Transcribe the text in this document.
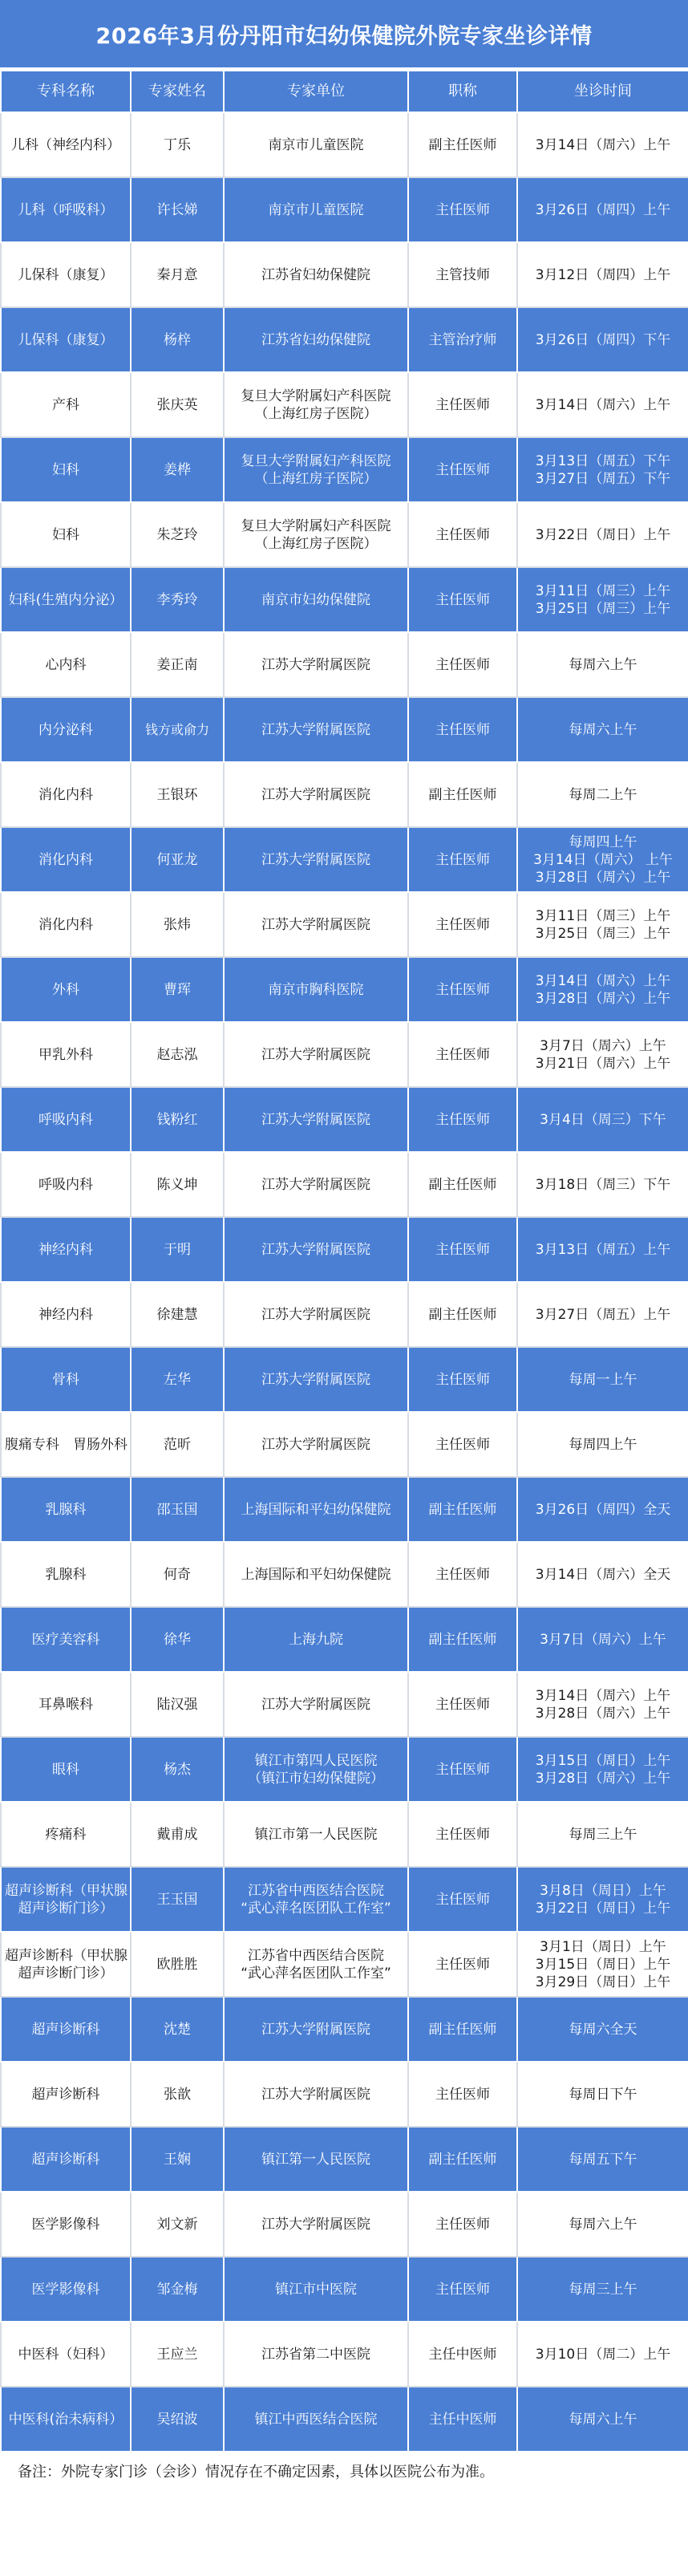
2026年3月份丹阳市妇幼保健院外院专家坐诊详情
专科名称	专家姓名	专家单位	职称	坐诊时间

儿科（神经内科）	丁乐	南京市儿童医院	副主任医师	3月14日（周六）上午

儿科（呼吸科）	许长娣	南京市儿童医院	主任医师	3月26日（周四）上午

儿保科（康复）	秦月意	江苏省妇幼保健院	主管技师	3月12日（周四）上午

儿保科（康复）	杨梓	江苏省妇幼保健院	主管治疗师	3月26日（周四）下午

产科	张庆英	复旦大学附属妇产科医院
（上海红房子医院）	主任医师	3月14日（周六）上午

妇科	姜桦	复旦大学附属妇产科医院
（上海红房子医院）	主任医师	3月13日（周五）下午
3月27日（周五）下午

妇科	朱芝玲	复旦大学附属妇产科医院
（上海红房子医院）	主任医师	3月22日（周日）上午

妇科(生殖内分泌）	李秀玲	南京市妇幼保健院	主任医师	3月11日（周三）上午
3月25日（周三）上午

心内科	姜正南	江苏大学附属医院	主任医师	每周六上午

内分泌科	钱方或俞力	江苏大学附属医院	主任医师	每周六上午

消化内科	王银环	江苏大学附属医院	副主任医师	每周二上午

消化内科	何亚龙	江苏大学附属医院	主任医师	每周四上午
3月14日（周六） 上午
3月28日（周六）上午

消化内科	张炜	江苏大学附属医院	主任医师	3月11日（周三）上午
3月25日（周三）上午

外科	曹珲	南京市胸科医院	主任医师	3月14日（周六）上午
3月28日（周六）上午

甲乳外科	赵志泓	江苏大学附属医院	主任医师	3月7日（周六）上午
3月21日（周六）上午

呼吸内科	钱粉红	江苏大学附属医院	主任医师	3月4日（周三）下午

呼吸内科	陈义坤	江苏大学附属医院	副主任医师	3月18日（周三）下午

神经内科	于明	江苏大学附属医院	主任医师	3月13日（周五）上午

神经内科	徐建慧	江苏大学附属医院	副主任医师	3月27日（周五）上午

骨科	左华	江苏大学附属医院	主任医师	每周一上午

腹痛专科　胃肠外科	范昕	江苏大学附属医院	主任医师	每周四上午

乳腺科	邵玉国	上海国际和平妇幼保健院	副主任医师	3月26日（周四）全天

乳腺科	何奇	上海国际和平妇幼保健院	主任医师	3月14日（周六）全天

医疗美容科	徐华	上海九院	副主任医师	3月7日（周六）上午

耳鼻喉科	陆汉强	江苏大学附属医院	主任医师	3月14日（周六）上午
3月28日（周六）上午

眼科	杨杰	镇江市第四人民医院
（镇江市妇幼保健院）	主任医师	3月15日（周日）上午
3月28日（周六）上午

疼痛科	戴甫成	镇江市第一人民医院	主任医师	每周三上午

超声诊断科（甲状腺
超声诊断门诊）	王玉国	江苏省中西医结合医院
“武心萍名医团队工作室”	主任医师	3月8日（周日）上午
3月22日（周日）上午

超声诊断科（甲状腺
超声诊断门诊）	欧胜胜	江苏省中西医结合医院
“武心萍名医团队工作室”	主任医师	3月1日（周日）上午
3月15日（周日）上午
3月29日（周日）上午

超声诊断科	沈楚	江苏大学附属医院	副主任医师	每周六全天

超声诊断科	张歆	江苏大学附属医院	主任医师	每周日下午

超声诊断科	王娴	镇江第一人民医院	副主任医师	每周五下午

医学影像科	刘文新	江苏大学附属医院	主任医师	每周六上午

医学影像科	邹金梅	镇江市中医院	主任医师	每周三上午

中医科（妇科）	王应兰	江苏省第二中医院	主任中医师	3月10日（周二）上午

中医科(治未病科）	吴绍波	镇江中西医结合医院	主任中医师	每周六上午
备注：外院专家门诊（会诊）情况存在不确定因素，具体以医院公布为准。
